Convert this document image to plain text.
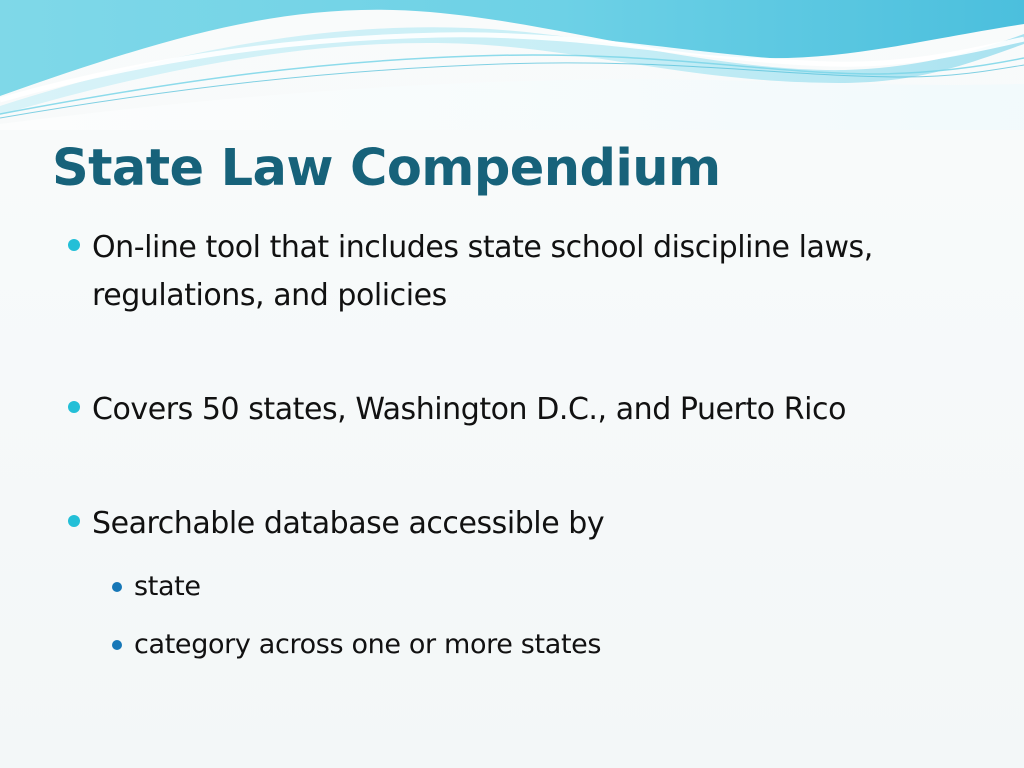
State Law Compendium
On-line tool that includes state school discipline laws, regulations, and policies
Covers 50 states, Washington D.C., and Puerto Rico
Searchable database accessible by
state
category across one or more states
